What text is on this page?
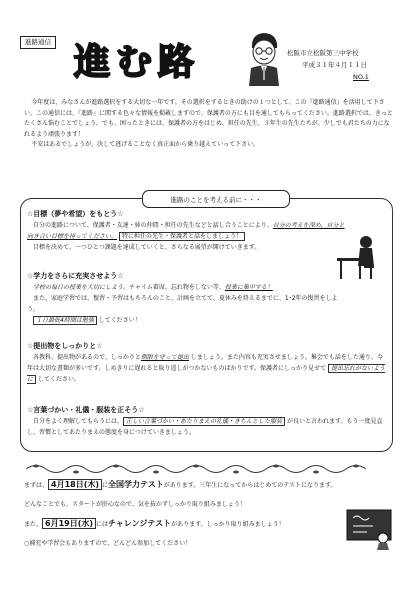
進路通信 進む路	松阪市立松阪第三中学校
平成３１年４月１１日
NO.1

今年度は、みなさんが進路選択をする大切な一年です。その選択をするときの助けの１つとして、この『進路通信』を活用して下さい。この通信には、『進路』に関する色々な情報を掲載しますので、保護者の方にも目を通してもらってください。進路選択では、きっとたくさん悩むことでしょう。でも、困ったときには、保護者の方をはじめ、担任の先生、３年生の先生たちが、少しでも君たちの力になれるよう頑張ります！

不安はあるでしょうが、決して逃げることなく真正面から乗り越えていって下さい。

進路のことを考える前に・・・
☆目標（夢や希望）をもとう☆

自分の進路について、保護者・友達・姉の仲間・担任の先生などと話し合うことにより、自分の考えを深め、自分と向き合い目標を持ってください。 特に担任の先生・保護者と話をしましょう！

目標を決めて、一つひとつ課題を達成していくと、さらなる展望が開けていきます。

☆学力をさらに充実させよう☆

学校の毎日の授業を大切にしよう。チャイム着席、忘れ物をしない等、授業に集中する！

また、家庭学習では、復習・予習はもちろんのこと、計画を立てて、夏休みを終えるまでに、1･2年の復習をしよう。

１日最低4時間は勉強 してください！

☆提出物をしっかりと☆

各教科、提出物があるので、しっかりと期限を守って提出 しましょう。また内容も充実させましょう。集会でも話をした通り、今年は大切な書類が多いです。しめきりに遅れると取り返しがつかないものばかりです。保護者にしっかり見せて 提出忘れがないように してください。

☆言葉づかい・礼儀・服装を正そう☆

自分をよく理解してもらうには、 正しい言葉づかい・あたりまえの礼儀・きちんとした服装 が良いと言われます。もう一度見直し、習慣としてあたりまえの態度を身につけていきましょう。

まずは、 4月18日(木) に全国学力テストがあります。三年生になってからはじめてのテストになります。

どんなことでも、スタートが肝心なので、気を抜かずしっかり取り組みましょう！

また、 6月19日(水) にはチャレンジテストがあります。しっかり取り組みましょう！

○補充や学習会もありますので、どんどん参加してください！
